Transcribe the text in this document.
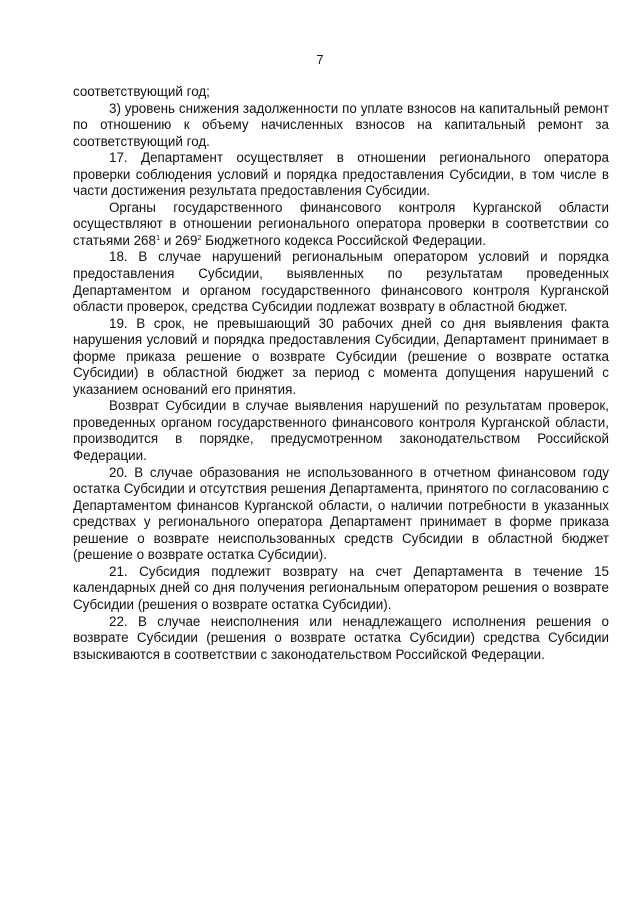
7

соответствующий год;

3) уровень снижения задолженности по уплате взносов на капитальный ремонт по отношению к объему начисленных взносов на капитальный ремонт за соответствующий год.

17. Департамент осуществляет в отношении регионального оператора проверки соблюдения условий и порядка предоставления Субсидии, в том числе в части достижения результата предоставления Субсидии.

Органы государственного финансового контроля Курганской области осуществляют в отношении регионального оператора проверки в соответствии со статьями $268^1$ и $269^2$ Бюджетного кодекса Российской Федерации.

18. В случае нарушений региональным оператором условий и порядка предоставления Субсидии, выявленных по результатам проведенных Департаментом и органом государственного финансового контроля Курганской области проверок, средства Субсидии подлежат возврату в областной бюджет.

19. В срок, не превышающий 30 рабочих дней со дня выявления факта нарушения условий и порядка предоставления Субсидии, Департамент принимает в форме приказа решение о возврате Субсидии (решение о возврате остатка Субсидии) в областной бюджет за период с момента допущения нарушений с указанием оснований его принятия.

Возврат Субсидии в случае выявления нарушений по результатам проверок, проведенных органом государственного финансового контроля Курганской области, производится в порядке, предусмотренном законодательством Российской Федерации.

20. В случае образования не использованного в отчетном финансовом году остатка Субсидии и отсутствия решения Департамента, принятого по согласованию с Департаментом финансов Курганской области, о наличии потребности в указанных средствах у регионального оператора Департамент принимает в форме приказа решение о возврате неиспользованных средств Субсидии в областной бюджет (решение о возврате остатка Субсидии).

21. Субсидия подлежит возврату на счет Департамента в течение 15 календарных дней со дня получения региональным оператором решения о возврате Субсидии (решения о возврате остатка Субсидии).

22. В случае неисполнения или ненадлежащего исполнения решения о возврате Субсидии (решения о возврате остатка Субсидии) средства Субсидии взыскиваются в соответствии с законодательством Российской Федерации.
